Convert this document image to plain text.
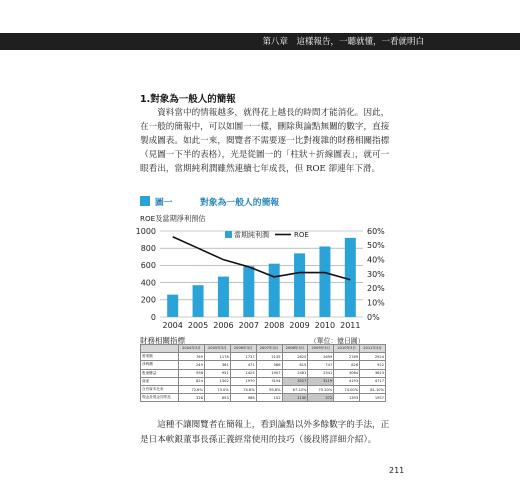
第八章　這樣報告，一聽就懂，一看就明白
1.對象為一般人的簡報

資料當中的情報越多，就得花上越長的時間才能消化。因此，在一般的簡報中，可以如圖一一樣，刪除與論點無關的數字，直接製成圖表。如此一來，閱覽者不需要逐一比對複雜的財務相關指標（見圖一下半的表格），光是從圖一的「柱狀＋折線圖表」，就可一眼看出，當期純利潤雖然連續七年成長，但 ROE 卻連年下滑。

圖一	對象為一般人的簡報
ROE及當期淨利預估
0
200
400
600
800
1000
0%
10%
20%
30%
40%
50%
60%
2004 2005 2006 2007 2008 2009 2010 2011
當期純利潤	ROE
財務相關指標	（單位：億日圓）
	2004年3月	2005年3月	2006年3月	2007年3月	2008年3月	2009年3月	2010年3月	2011年3月
營業額	769	1178	1737	2135	2620	2659	2789	2924
淨利潤	249	361	471	586	615	747	826	922
股東權益	598	951	1425	1907	2481	2341	3084	3623
資產	824	1302	1970	3194	3527	3119	4193	4717
自有資本比率	72.6%	73.0%	74.6%	59.8%	67.10%	75.20%	74.00%	81.10%
現金及現金同等品	326	693	986	152	1130	372	1393	1957

這種不讓閱覽者在簡報上，看到論點以外多餘數字的手法，正是日本軟銀董事長孫正義經常使用的技巧（後段將詳細介紹）。

211
